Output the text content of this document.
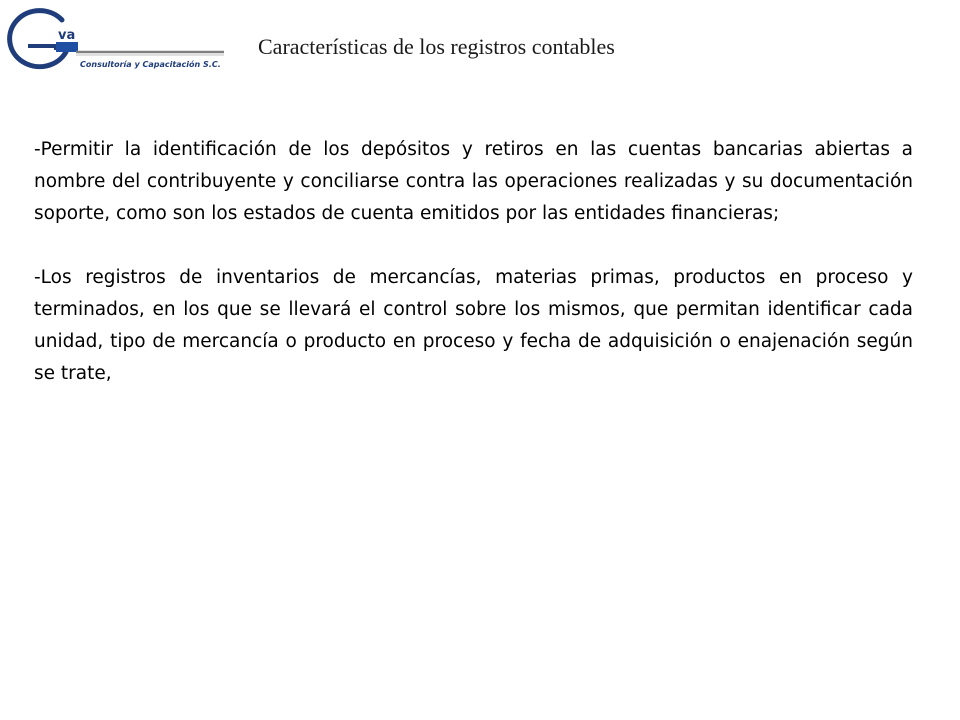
va
Consultoría y Capacitación S.C.
Características de los registros contables

-Permitir la identificación de los depósitos y retiros en las cuentas bancarias abiertas a nombre del contribuyente y conciliarse contra las operaciones realizadas y su documentación soporte, como son los estados de cuenta emitidos por las entidades financieras;

-Los registros de inventarios de mercancías, materias primas, productos en proceso y terminados, en los que se llevará el control sobre los mismos, que permitan identificar cada unidad, tipo de mercancía o producto en proceso y fecha de adquisición o enajenación según se trate,
